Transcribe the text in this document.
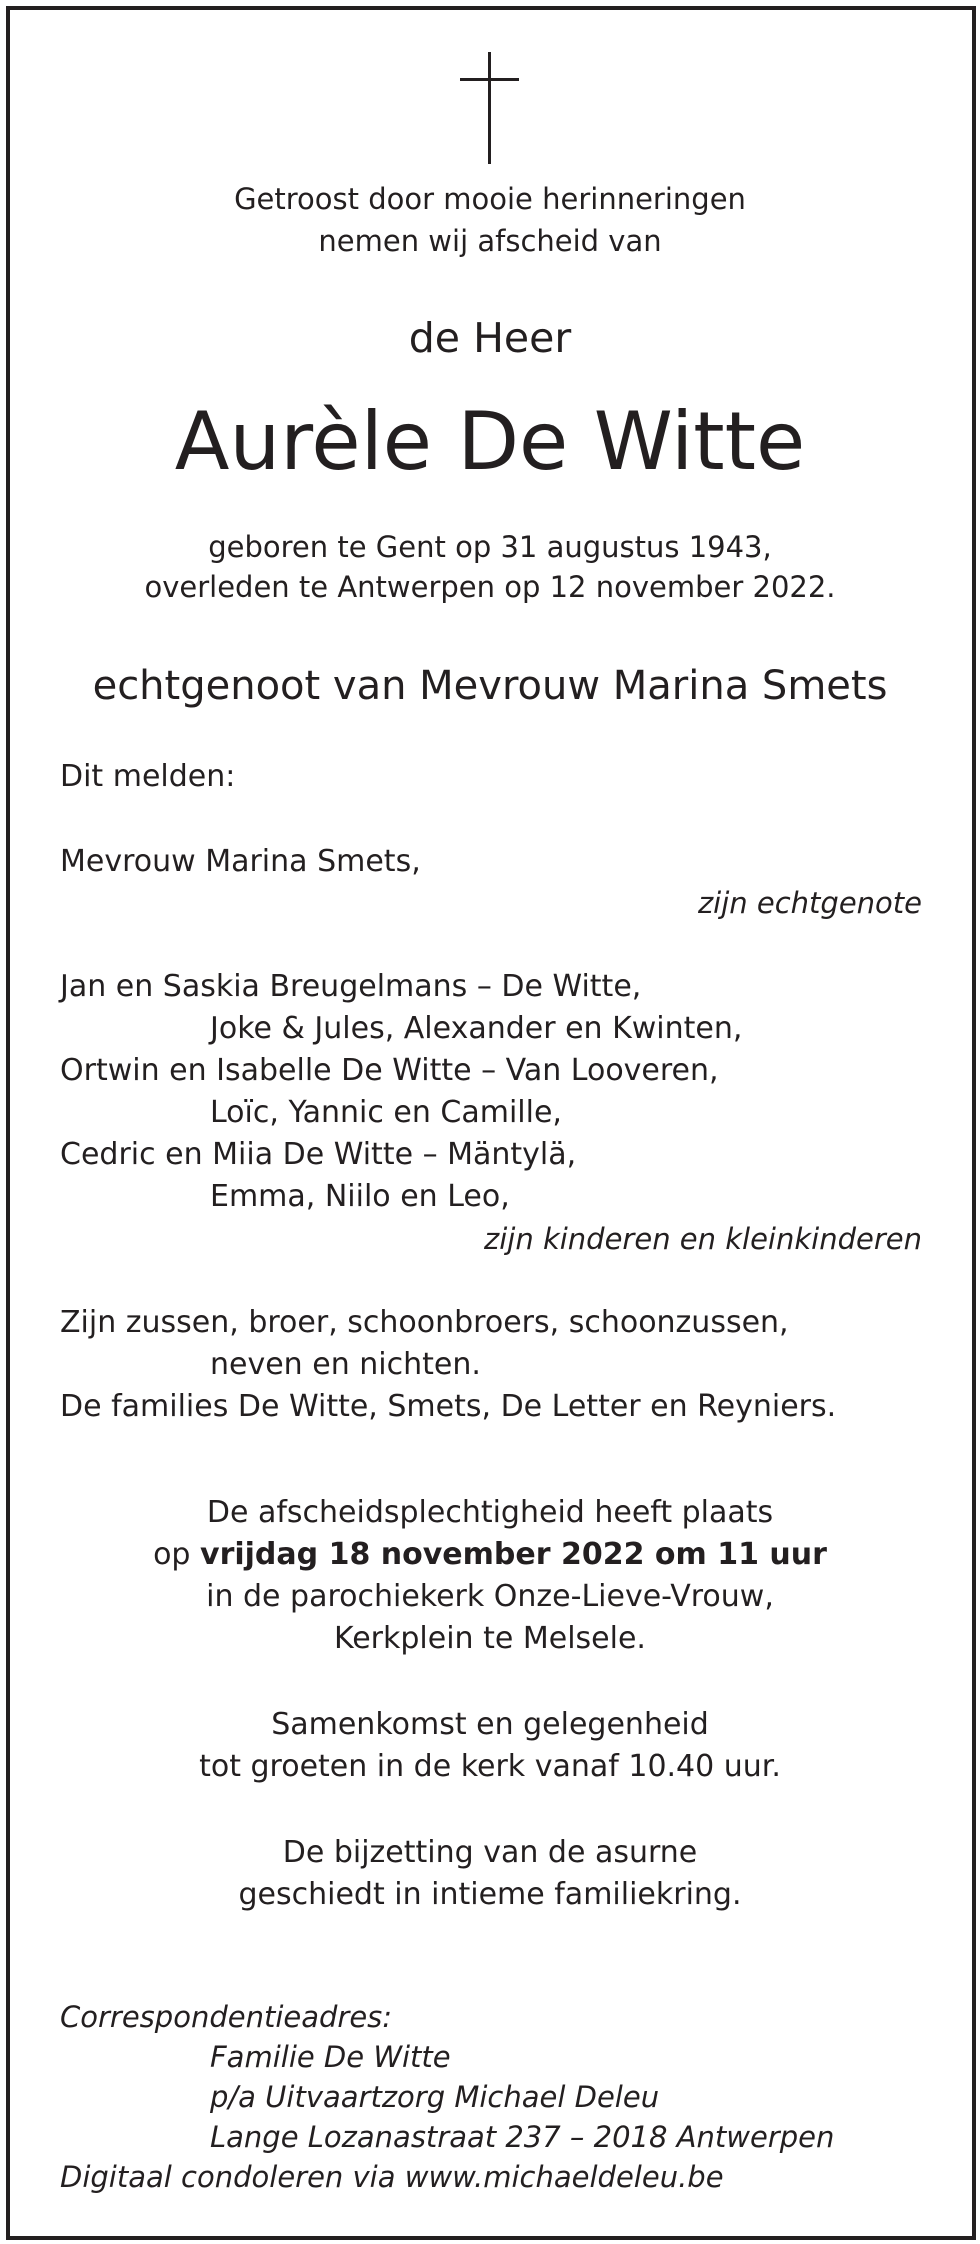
Getroost door mooie herinneringen
nemen wij afscheid van
de Heer
Aurèle De Witte
geboren te Gent op 31 augustus 1943,
overleden te Antwerpen op 12 november 2022.
echtgenoot van Mevrouw Marina Smets
Dit melden:
Mevrouw Marina Smets,
zijn echtgenote
Jan en Saskia Breugelmans – De Witte,
Joke & Jules, Alexander en Kwinten,
Ortwin en Isabelle De Witte – Van Looveren,
Loïc, Yannic en Camille,
Cedric en Miia De Witte – Mäntylä,
Emma, Niilo en Leo,
zijn kinderen en kleinkinderen
Zijn zussen, broer, schoonbroers, schoonzussen,
neven en nichten.
De families De Witte, Smets, De Letter en Reyniers.
De afscheidsplechtigheid heeft plaats
op vrijdag 18 november 2022 om 11 uur
in de parochiekerk Onze-Lieve-Vrouw,
Kerkplein te Melsele.
Samenkomst en gelegenheid
tot groeten in de kerk vanaf 10.40 uur.
De bijzetting van de asurne
geschiedt in intieme familiekring.
Correspondentieadres:
Familie De Witte
p/a Uitvaartzorg Michael Deleu
Lange Lozanastraat 237 – 2018 Antwerpen
Digitaal condoleren via www.michaeldeleu.be
